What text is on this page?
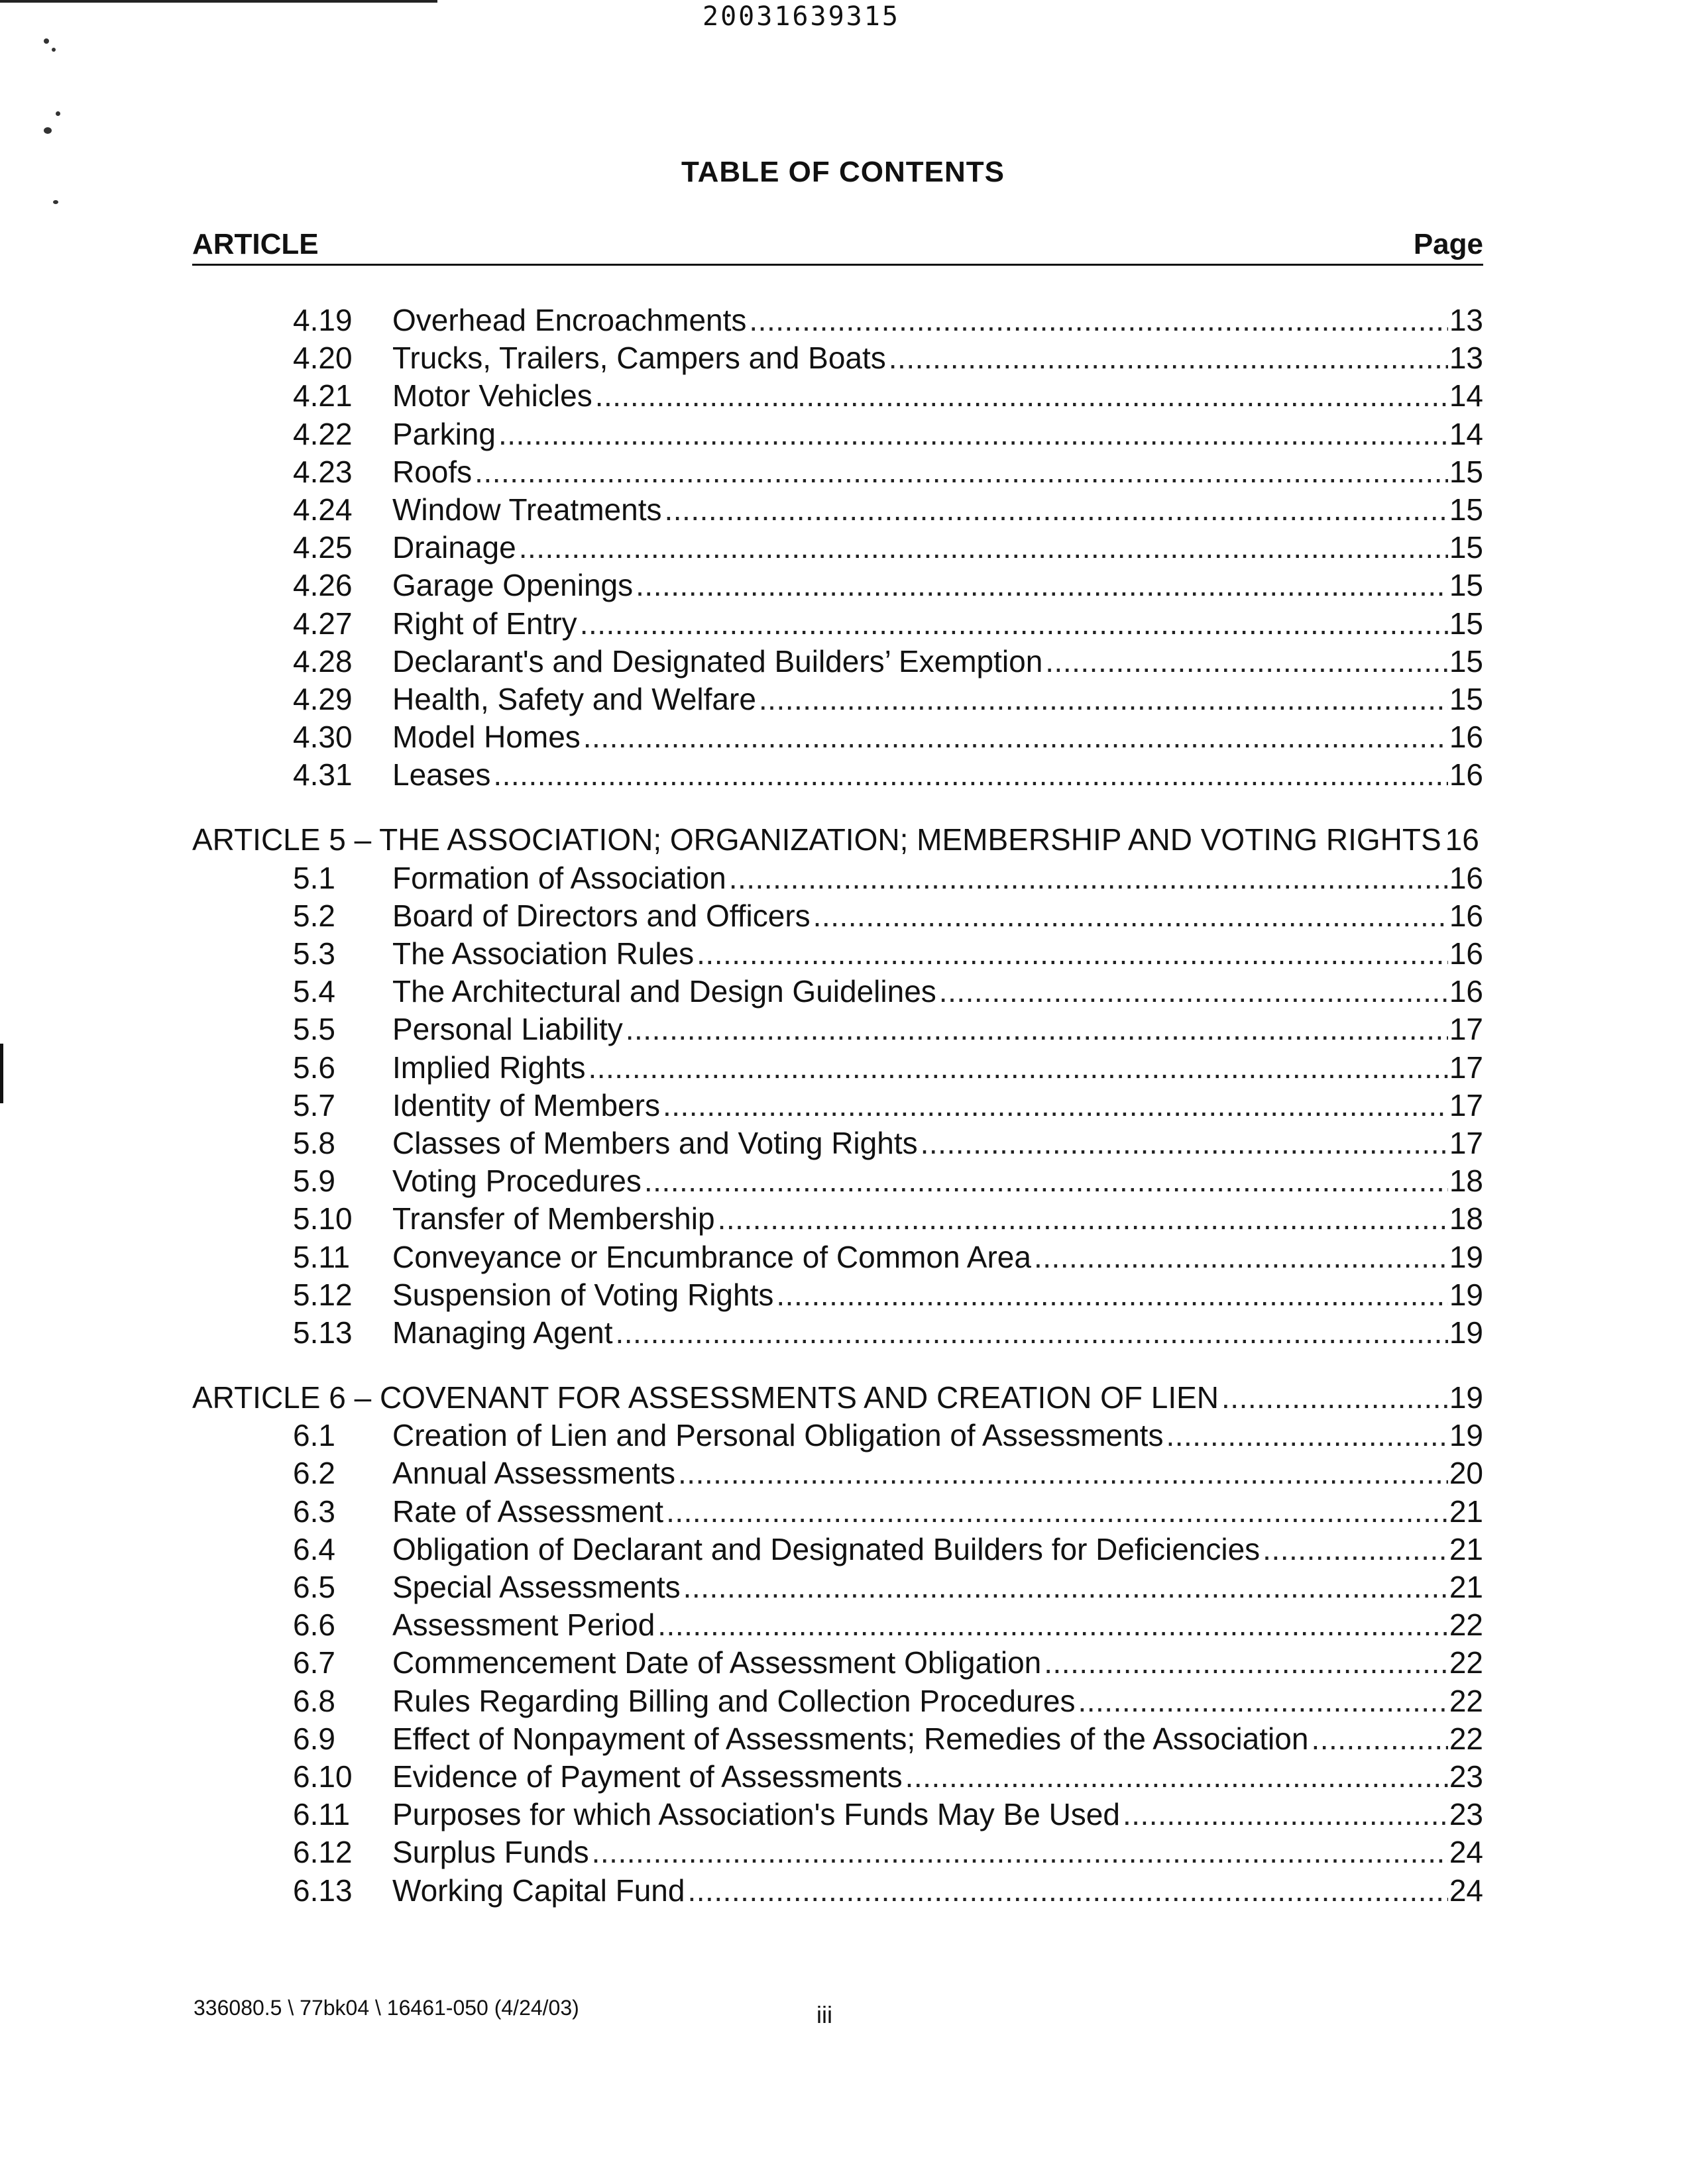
20031639315
TABLE OF CONTENTS
ARTICLE	Page
4.19	Overhead Encroachments .....	13
4.20	Trucks, Trailers, Campers and Boats .....	13
4.21	Motor Vehicles .....	14
4.22	Parking .....	14
4.23	Roofs .....	15
4.24	Window Treatments .....	15
4.25	Drainage .....	15
4.26	Garage Openings .....	15
4.27	Right of Entry .....	15
4.28	Declarant's and Designated Builders’ Exemption .....	15
4.29	Health, Safety and Welfare .....	15
4.30	Model Homes .....	16
4.31	Leases .....	16
ARTICLE 5 – THE ASSOCIATION; ORGANIZATION; MEMBERSHIP AND VOTING RIGHTS 16
5.1	Formation of Association .....	16
5.2	Board of Directors and Officers .....	16
5.3	The Association Rules .....	16
5.4	The Architectural and Design Guidelines .....	16
5.5	Personal Liability .....	17
5.6	Implied Rights .....	17
5.7	Identity of Members .....	17
5.8	Classes of Members and Voting Rights .....	17
5.9	Voting Procedures .....	18
5.10	Transfer of Membership .....	18
5.11	Conveyance or Encumbrance of Common Area .....	19
5.12	Suspension of Voting Rights .....	19
5.13	Managing Agent .....	19
ARTICLE 6 – COVENANT FOR ASSESSMENTS AND CREATION OF LIEN .....	19
6.1	Creation of Lien and Personal Obligation of Assessments .....	19
6.2	Annual Assessments .....	20
6.3	Rate of Assessment .....	21
6.4	Obligation of Declarant and Designated Builders for Deficiencies .....	21
6.5	Special Assessments .....	21
6.6	Assessment Period .....	22
6.7	Commencement Date of Assessment Obligation .....	22
6.8	Rules Regarding Billing and Collection Procedures .....	22
6.9	Effect of Nonpayment of Assessments; Remedies of the Association .....	22
6.10	Evidence of Payment of Assessments .....	23
6.11	Purposes for which Association's Funds May Be Used .....	23
6.12	Surplus Funds .....	24
6.13	Working Capital Fund .....	24
336080.5 \ 77bk04 \ 16461-050 (4/24/03)	iii
